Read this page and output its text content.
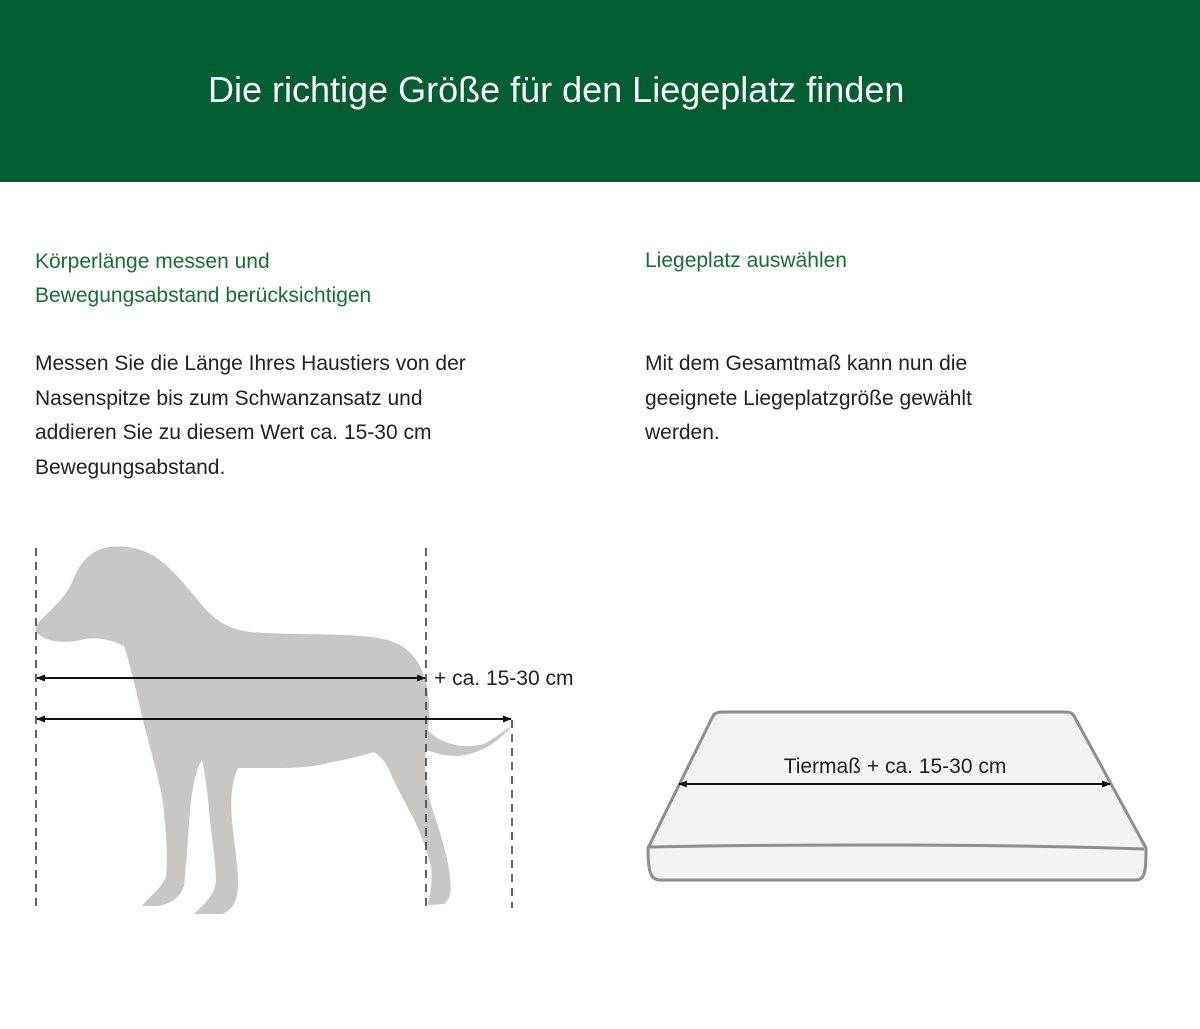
Die richtige Größe für den Liegeplatz finden
Körperlänge messen und
Bewegungsabstand berücksichtigen
Liegeplatz auswählen
Messen Sie die Länge Ihres Haustiers von der
Nasenspitze bis zum Schwanzansatz und
addieren Sie zu diesem Wert ca. 15-30 cm
Bewegungsabstand.
Mit dem Gesamtmaß kann nun die
geeignete Liegeplatzgröße gewählt
werden.
+ ca. 15-30 cm
Tiermaß + ca. 15-30 cm
